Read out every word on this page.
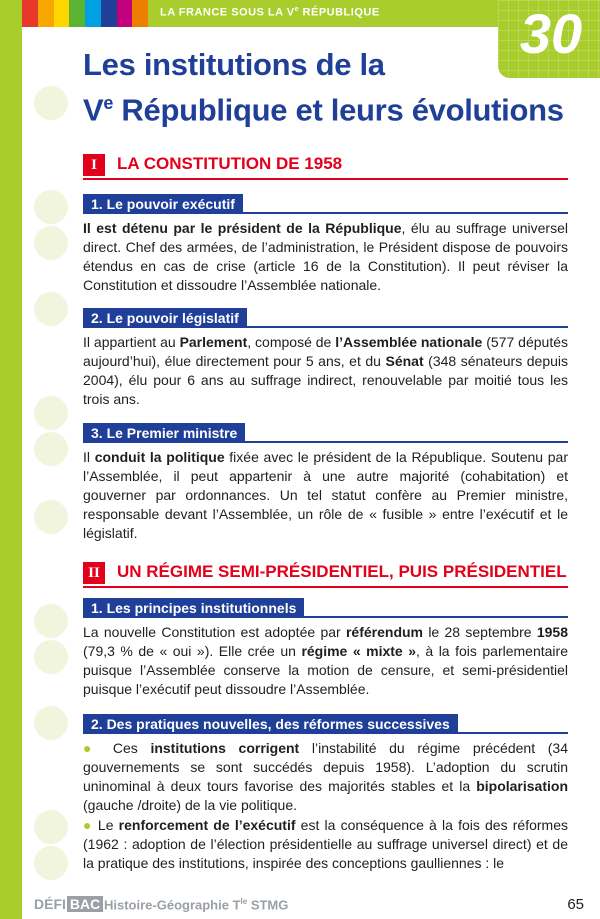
LA FRANCE SOUS LA Ve RÉPUBLIQUE	30
Les institutions de la
Ve République et leurs évolutions
I	LA CONSTITUTION DE 1958
1. Le pouvoir exécutif

Il est détenu par le président de la République, élu au suffrage universel direct. Chef des armées, de l’administration, le Président dispose de pouvoirs étendus en cas de crise (article 16 de la Constitution). Il peut réviser la Constitution et dissoudre l’Assemblée nationale.

2. Le pouvoir législatif

Il appartient au Parlement, composé de l’Assemblée nationale (577 députés aujourd’hui), élue directement pour 5 ans, et du Sénat (348 sénateurs depuis 2004), élu pour 6 ans au suffrage indirect, renouvelable par moitié tous les trois ans.

3. Le Premier ministre

Il conduit la politique fixée avec le président de la République. Soutenu par l’Assemblée, il peut appartenir à une autre majorité (cohabitation) et gouverner par ordonnances. Un tel statut confère au Premier ministre, responsable devant l’Assemblée, un rôle de « fusible » entre l’exécutif et le législatif.

II	UN RÉGIME SEMI-PRÉSIDENTIEL, PUIS PRÉSIDENTIEL
1. Les principes institutionnels

La nouvelle Constitution est adoptée par référendum le 28 septembre 1958 (79,3 % de « oui »). Elle crée un régime « mixte », à la fois parlementaire puisque l’Assemblée conserve la motion de censure, et semi-présidentiel puisque l’exécutif peut dissoudre l’Assemblée.

2. Des pratiques nouvelles, des réformes successives

● Ces institutions corrigent l’instabilité du régime précédent (34 gouvernements se sont succédés depuis 1958). L’adoption du scrutin uninominal à deux tours favorise des majorités stables et la bipolarisation (gauche /droite) de la vie politique.

● Le renforcement de l’exécutif est la conséquence à la fois des réformes (1962 : adoption de l’élection présidentielle au suffrage universel direct) et de la pratique des institutions, inspirée des conceptions gaulliennes : le

DÉFI BAC Histoire-Géographie $T^{le}$ STMG	65
